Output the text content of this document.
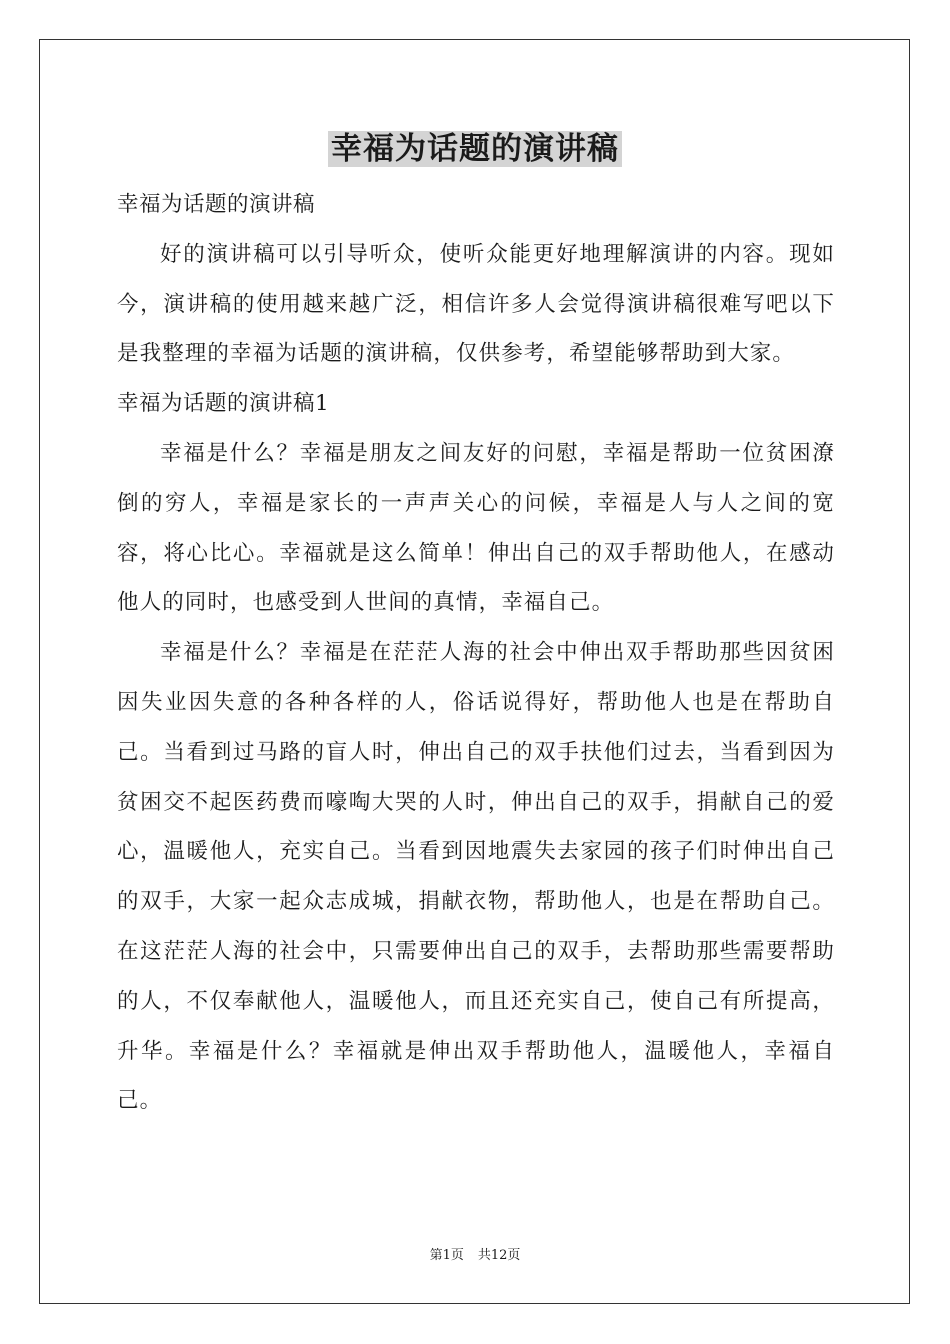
幸福为话题的演讲稿

幸福为话题的演讲稿

好的演讲稿可以引导听众，使听众能更好地理解演讲的内容。现如今，演讲稿的使用越来越广泛，相信许多人会觉得演讲稿很难写吧以下是我整理的幸福为话题的演讲稿，仅供参考，希望能够帮助到大家。

幸福为话题的演讲稿1

幸福是什么？幸福是朋友之间友好的问慰，幸福是帮助一位贫困潦倒的穷人，幸福是家长的一声声关心的问候，幸福是人与人之间的宽容，将心比心。幸福就是这么简单！伸出自己的双手帮助他人，在感动他人的同时，也感受到人世间的真情，幸福自己。

幸福是什么？幸福是在茫茫人海的社会中伸出双手帮助那些因贫困因失业因失意的各种各样的人，俗话说得好，帮助他人也是在帮助自己。当看到过马路的盲人时，伸出自己的双手扶他们过去，当看到因为贫困交不起医药费而嚎啕大哭的人时，伸出自己的双手，捐献自己的爱心，温暖他人，充实自己。当看到因地震失去家园的孩子们时伸出自己的双手，大家一起众志成城，捐献衣物，帮助他人，也是在帮助自己。在这茫茫人海的社会中，只需要伸出自己的双手，去帮助那些需要帮助的人，不仅奉献他人，温暖他人，而且还充实自己，使自己有所提高，升华。幸福是什么？幸福就是伸出双手帮助他人，温暖他人，幸福自己。

第1页 共12页
